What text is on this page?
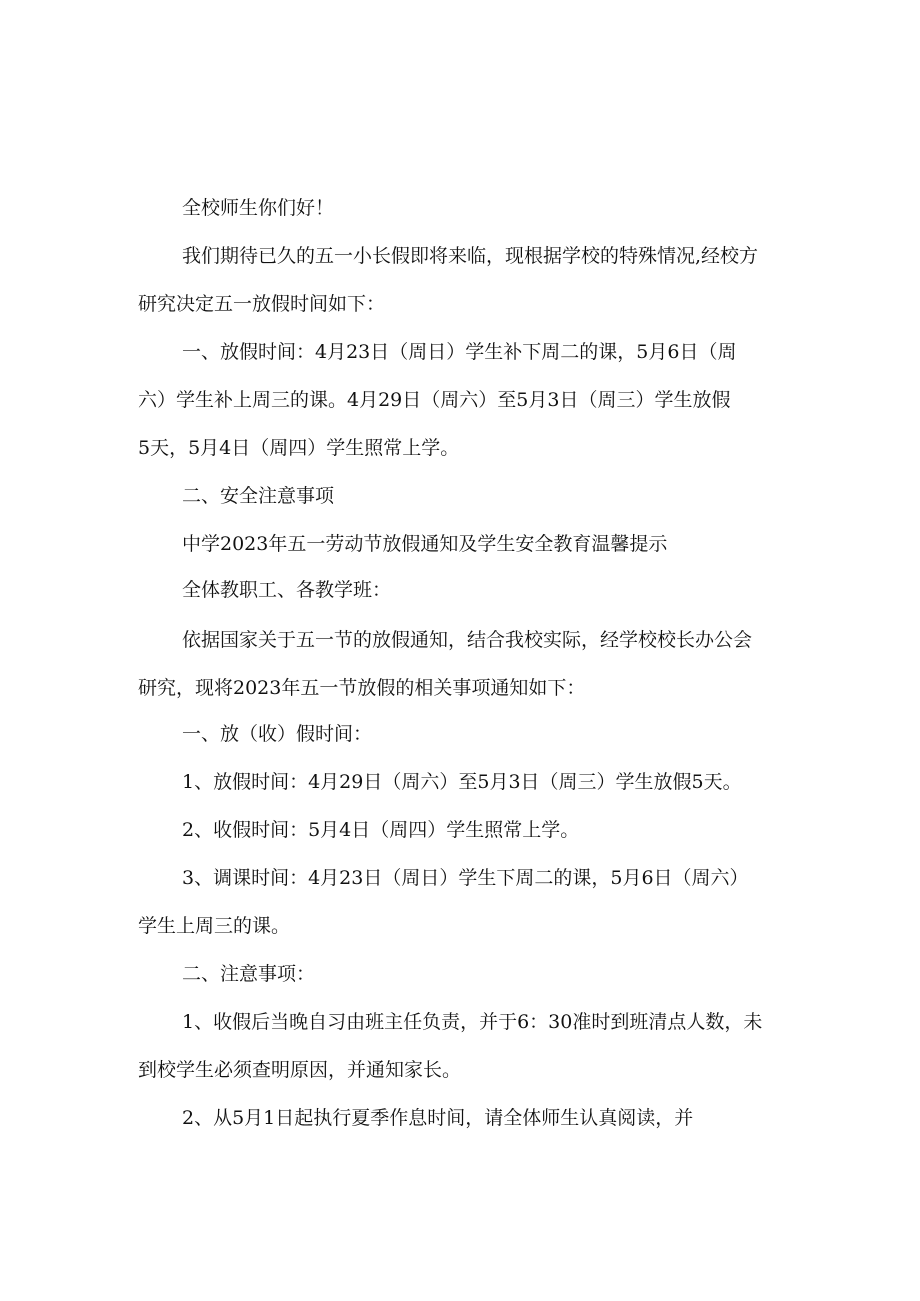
全校师生你们好！

我们期待已久的五一小长假即将来临，现根据学校的特殊情况,经校方
研究决定五一放假时间如下：

一、放假时间：4月23日（周日）学生补下周二的课，5月6日（周
六）学生补上周三的课。4月29日（周六）至5月3日（周三）学生放假
5天，5月4日（周四）学生照常上学。

二、安全注意事项

中学2023年五一劳动节放假通知及学生安全教育温馨提示

全体教职工、各教学班：

依据国家关于五一节的放假通知，结合我校实际，经学校校长办公会
研究，现将2023年五一节放假的相关事项通知如下：

一、放（收）假时间：

1、放假时间：4月29日（周六）至5月3日（周三）学生放假5天。

2、收假时间：5月4日（周四）学生照常上学。

3、调课时间：4月23日（周日）学生下周二的课，5月6日（周六）
学生上周三的课。

二、注意事项：

1、收假后当晚自习由班主任负责，并于6：30准时到班清点人数，未
到校学生必须查明原因，并通知家长。

2、从5月1日起执行夏季作息时间，请全体师生认真阅读，并
